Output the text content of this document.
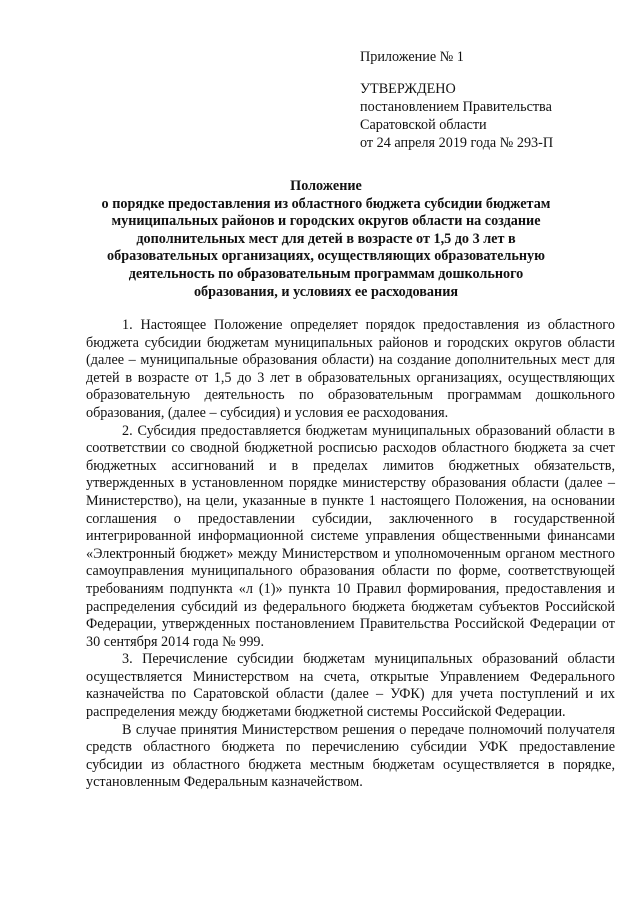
Приложение № 1
УТВЕРЖДЕНО
постановлением Правительства
Саратовской области
от 24 апреля 2019 года № 293-П
Положение
о порядке предоставления из областного бюджета субсидии бюджетам муниципальных районов и городских округов области на создание дополнительных мест для детей в возрасте от 1,5 до 3 лет в образовательных организациях, осуществляющих образовательную деятельность по образовательным программам дошкольного образования, и условиях ее расходования

1. Настоящее Положение определяет порядок предоставления из областного бюджета субсидии бюджетам муниципальных районов и городских округов области (далее – муниципальные образования области) на создание дополнительных мест для детей в возрасте от 1,5 до 3 лет в образовательных организациях, осуществляющих образовательную деятельность по образовательным программам дошкольного образования, (далее – субсидия) и условия ее расходования.

2. Субсидия предоставляется бюджетам муниципальных образований области в соответствии со сводной бюджетной росписью расходов областного бюджета за счет бюджетных ассигнований и в пределах лимитов бюджетных обязательств, утвержденных в установленном порядке министерству образования области (далее – Министерство), на цели, указанные в пункте 1 настоящего Положения, на основании соглашения о предоставлении субсидии, заключенного в государственной интегрированной информационной системе управления общественными финансами «Электронный бюджет» между Министерством и уполномоченным органом местного самоуправления муниципального образования области по форме, соответствующей требованиям подпункта «л (1)» пункта 10 Правил формирования, предоставления и распределения субсидий из федерального бюджета бюджетам субъектов Российской Федерации, утвержденных постановлением Правительства Российской Федерации от 30 сентября 2014 года № 999.

3. Перечисление субсидии бюджетам муниципальных образований области осуществляется Министерством на счета, открытые Управлением Федерального казначейства по Саратовской области (далее – УФК) для учета поступлений и их распределения между бюджетами бюджетной системы Российской Федерации.

В случае принятия Министерством решения о передаче полномочий получателя средств областного бюджета по перечислению субсидии УФК предоставление субсидии из областного бюджета местным бюджетам осуществляется в порядке, установленным Федеральным казначейством.
